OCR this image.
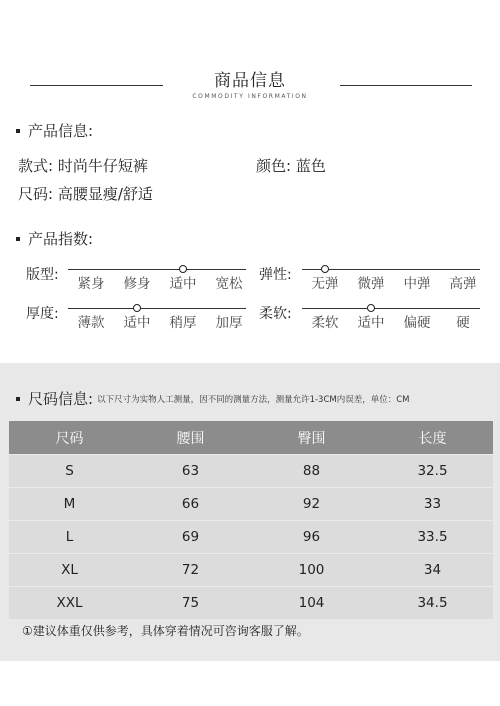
商品信息
COMMODITY INFORMATION
产品信息:
款式: 时尚牛仔短裤	颜色: 蓝色
尺码: 高腰显瘦/舒适
产品指数:
版型:
紧身	修身	适中	宽松
弹性:
无弹	微弹	中弹	高弹
厚度:
薄款	适中	稍厚	加厚
柔软:
柔软	适中	偏硬	硬
尺码信息: 以下尺寸为实物人工测量，因不同的测量方法，测量允许1-3CM内误差，单位：CM
尺码	腰围	臀围	长度
S	63	88	32.5
M	66	92	33
L	69	96	33.5
XL	72	100	34
XXL	75	104	34.5
①建议体重仅供参考，具体穿着情况可咨询客服了解。
